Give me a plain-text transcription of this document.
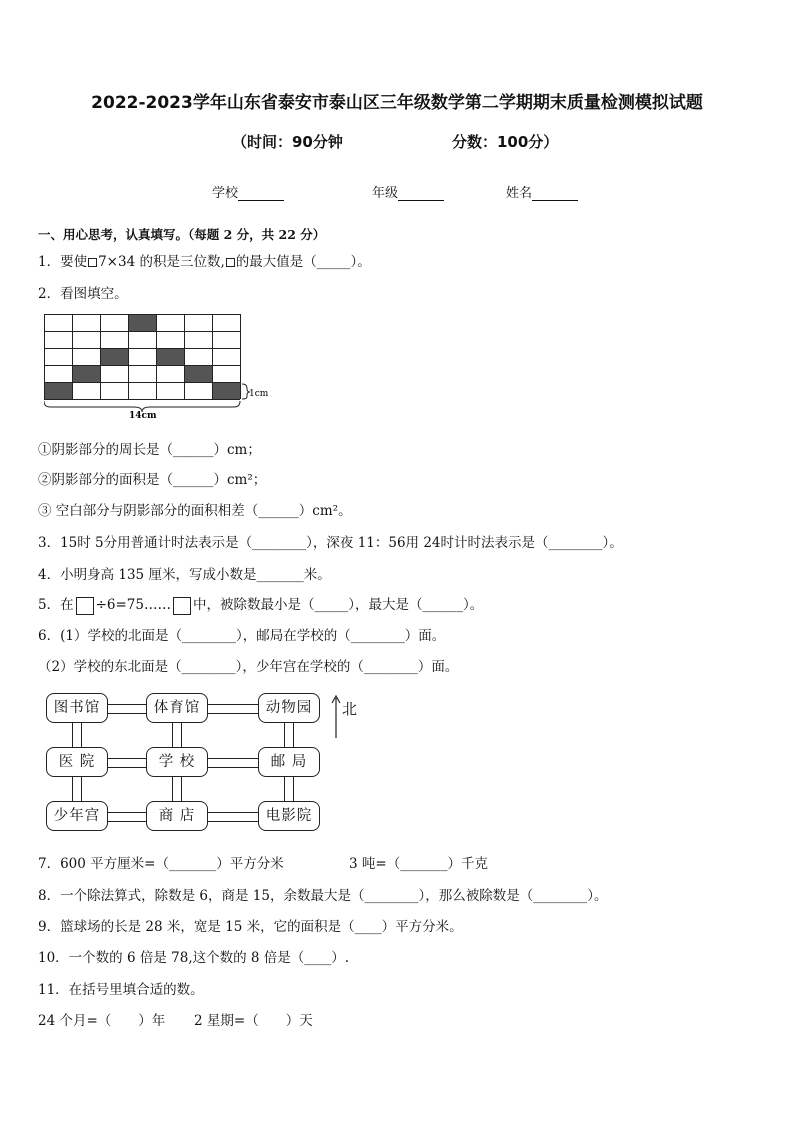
2022-2023学年山东省泰安市泰山区三年级数学第二学期期末质量检测模拟试题
（时间：90分钟	分数：100分）
学校	年级	姓名
一、用心思考，认真填写。（每题 2 分，共 22 分）
1．要使 7×34 的积是三位数, 的最大值是（_____）。
2．看图填空。
1cm
14cm
①阴影部分的周长是（______）cm；
②阴影部分的面积是（______）cm²；
③ 空白部分与阴影部分的面积相差（______）cm²。
3．15时 5分用普通计时法表示是（________），深夜 11：56用 24时计时法表示是（________）。
4．小明身高 135 厘米，写成小数是_______米。
5．在 ÷6=75…… 中，被除数最小是（_____），最大是（______）。
6．(1）学校的北面是（________），邮局在学校的（________）面。
（2）学校的东北面是（________），少年宫在学校的（________）面。
图书馆	体育馆	动物园
医 院	学 校	邮 局
少年宫	商 店	电影院
北
7．600 平方厘米=（_______）平方分米	3 吨=（_______）千克
8．一个除法算式，除数是 6，商是 15，余数最大是（________），那么被除数是（________）。
9．篮球场的长是 28 米，宽是 15 米，它的面积是（____）平方分米。
10．一个数的 6 倍是 78,这个数的 8 倍是（____）.
11．在括号里填合适的数。
24 个月=（　　）年 2 星期=（　　）天
